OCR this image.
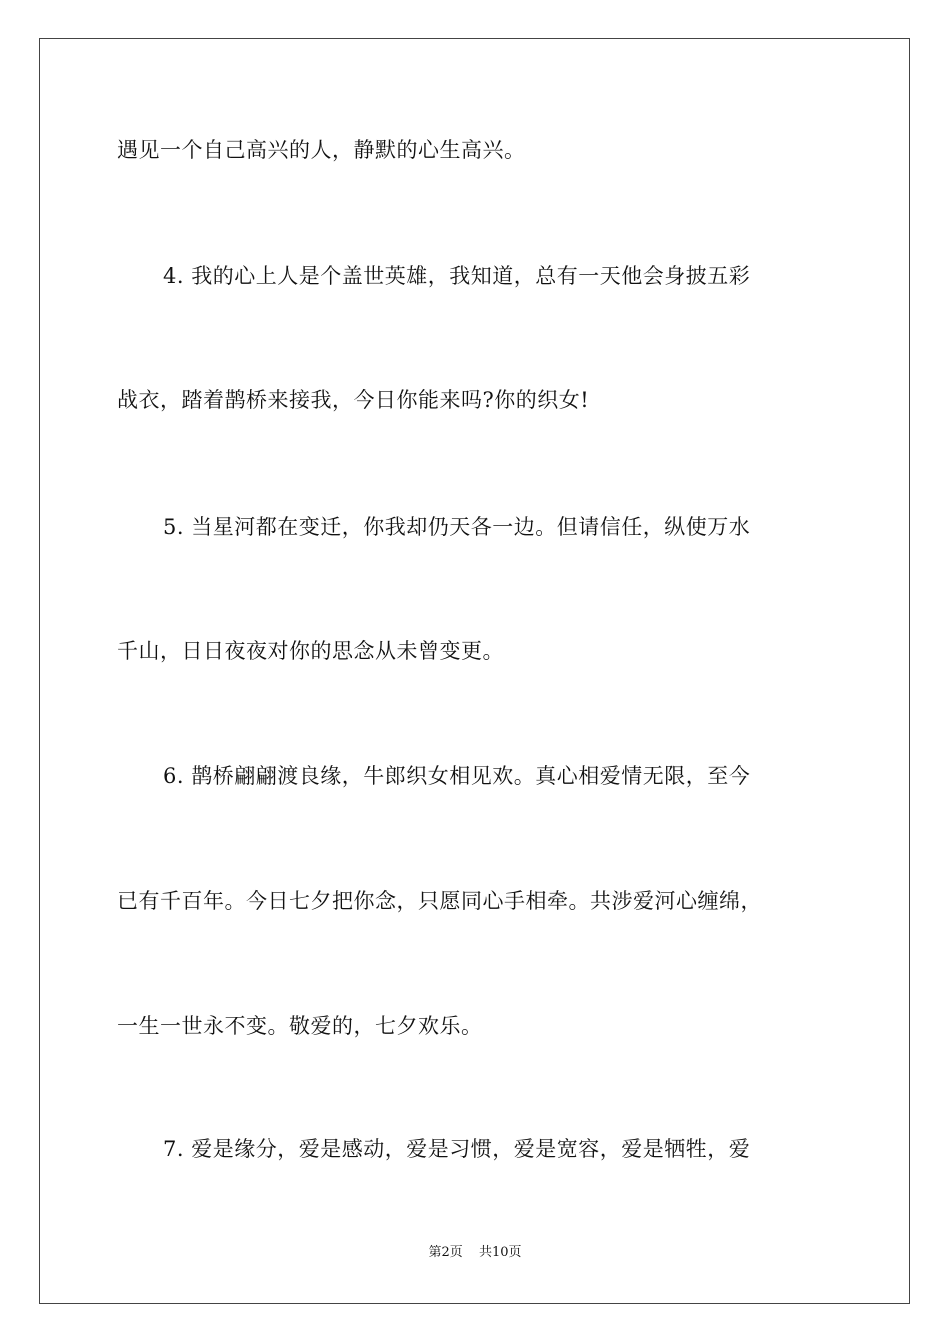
遇见一个自己高兴的人，静默的心生高兴。
4. 我的心上人是个盖世英雄，我知道，总有一天他会身披五彩
战衣，踏着鹊桥来接我，今日你能来吗?你的织女!
5. 当星河都在变迁，你我却仍天各一边。但请信任，纵使万水
千山，日日夜夜对你的思念从未曾变更。
6. 鹊桥翩翩渡良缘，牛郎织女相见欢。真心相爱情无限，至今
已有千百年。今日七夕把你念，只愿同心手相牵。共涉爱河心缠绵，
一生一世永不变。敬爱的，七夕欢乐。
7. 爱是缘分，爱是感动，爱是习惯，爱是宽容，爱是牺牲，爱
第2页 共10页
